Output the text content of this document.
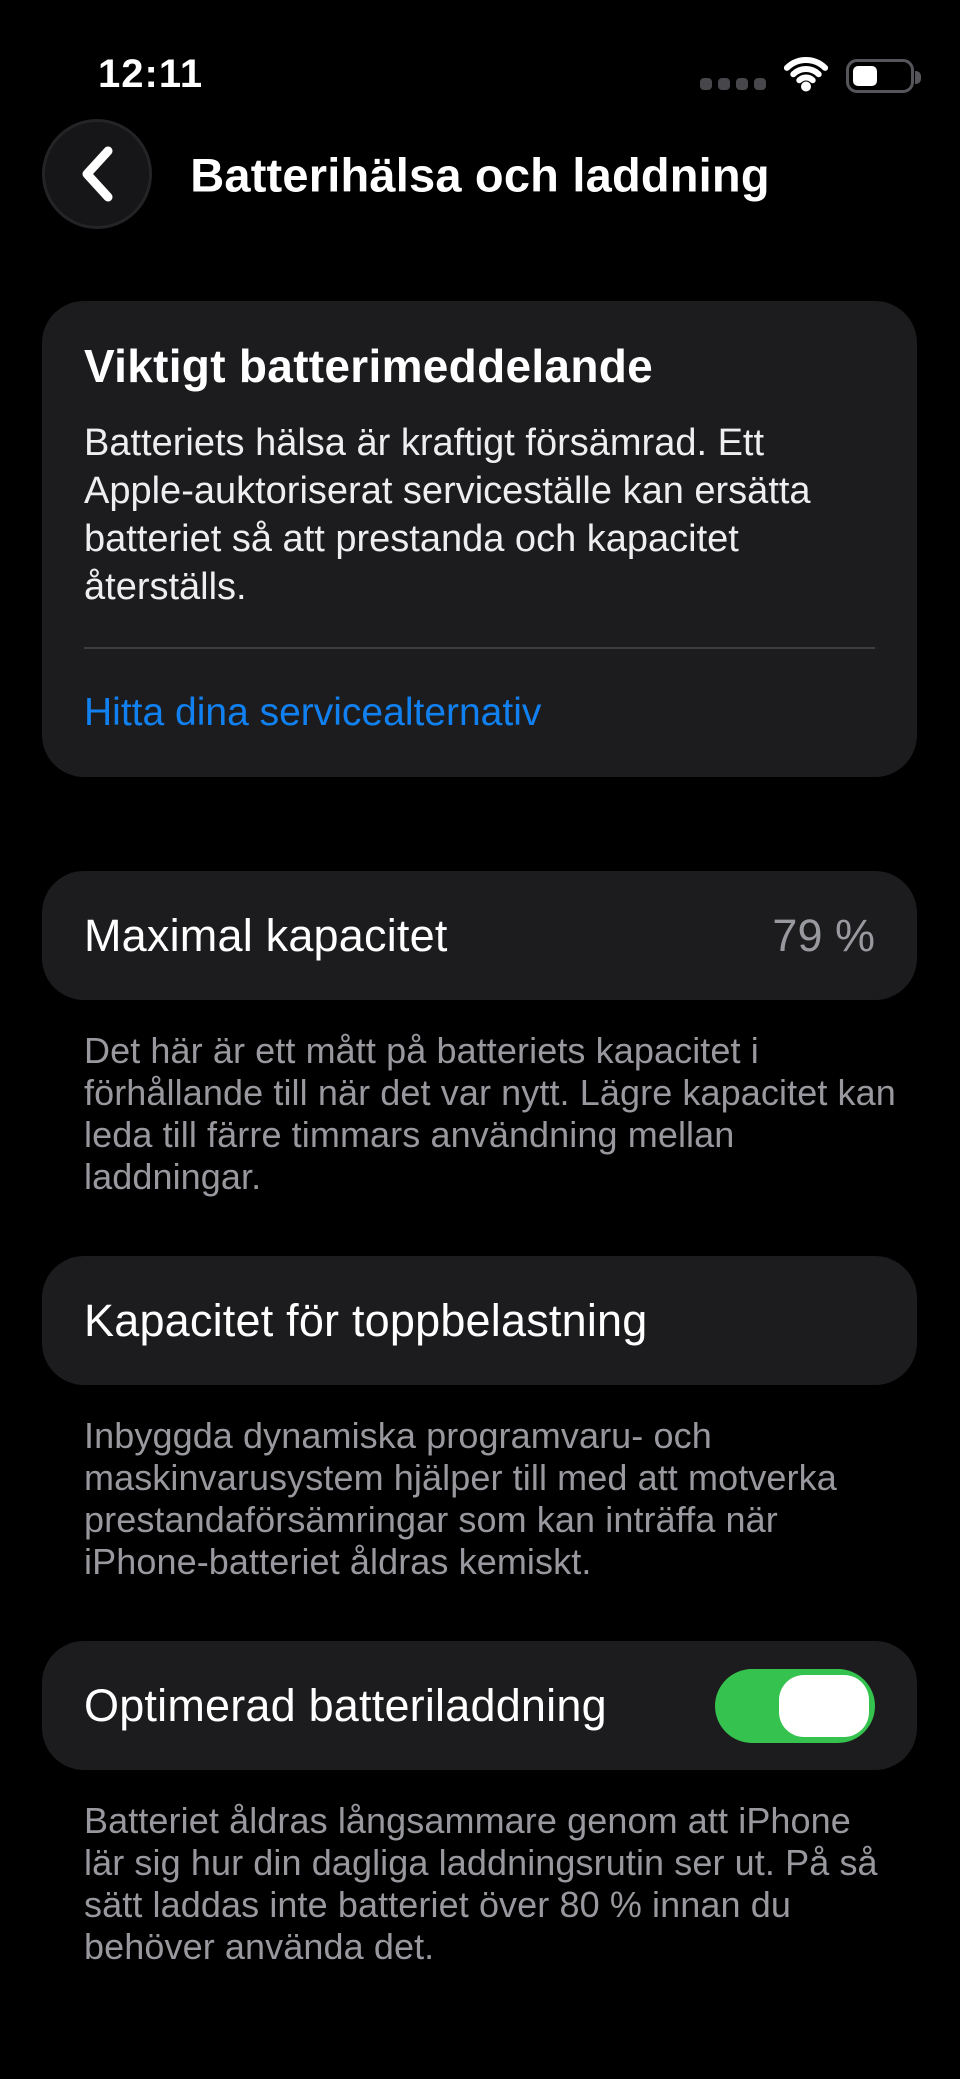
12:11
Batterihälsa och laddning
Viktigt batterimeddelande
Batteriets hälsa är kraftigt försämrad. Ett Apple-auktoriserat serviceställe kan ersätta batteriet så att prestanda och kapacitet återställs.
Hitta dina servicealternativ
Maximal kapacitet	79 %
Det här är ett mått på batteriets kapacitet i förhållande till när det var nytt. Lägre kapacitet kan leda till färre timmars användning mellan laddningar.
Kapacitet för toppbelastning
Inbyggda dynamiska programvaru- och maskinvarusystem hjälper till med att motverka prestandaförsämringar som kan inträffa när iPhone-batteriet åldras kemiskt.
Optimerad batteriladdning
Batteriet åldras långsammare genom att iPhone lär sig hur din dagliga laddningsrutin ser ut. På så sätt laddas inte batteriet över 80 % innan du behöver använda det.
